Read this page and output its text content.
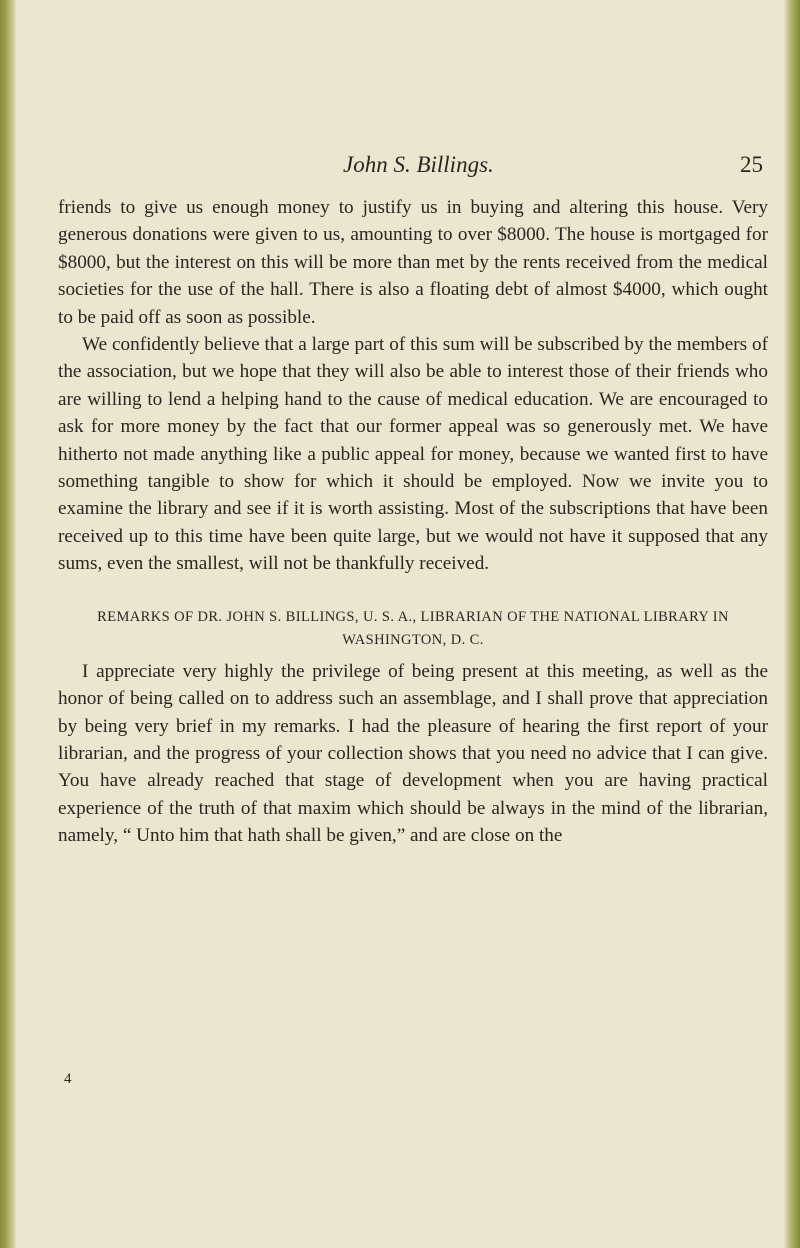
John S. Billings.	25

friends to give us enough money to justify us in buying and altering this house. Very generous donations were given to us, amounting to over $8000. The house is mortgaged for $8000, but the interest on this will be more than met by the rents received from the medical societies for the use of the hall. There is also a floating debt of almost $4000, which ought to be paid off as soon as possible.

We confidently believe that a large part of this sum will be subscribed by the members of the association, but we hope that they will also be able to interest those of their friends who are willing to lend a helping hand to the cause of medical education. We are encouraged to ask for more money by the fact that our former appeal was so generously met. We have hitherto not made anything like a public appeal for money, because we wanted first to have something tangible to show for which it should be employed. Now we invite you to examine the library and see if it is worth assisting. Most of the subscriptions that have been received up to this time have been quite large, but we would not have it supposed that any sums, even the smallest, will not be thankfully received.

REMARKS OF DR. JOHN S. BILLINGS, U. S. A., LIBRARIAN OF THE NATIONAL LIBRARY IN WASHINGTON, D. C.

I appreciate very highly the privilege of being present at this meeting, as well as the honor of being called on to address such an assemblage, and I shall prove that appreciation by being very brief in my remarks. I had the pleasure of hearing the first report of your librarian, and the progress of your collection shows that you need no advice that I can give. You have already reached that stage of development when you are having practical experience of the truth of that maxim which should be always in the mind of the librarian, namely, “ Unto him that hath shall be given,” and are close on the

4
